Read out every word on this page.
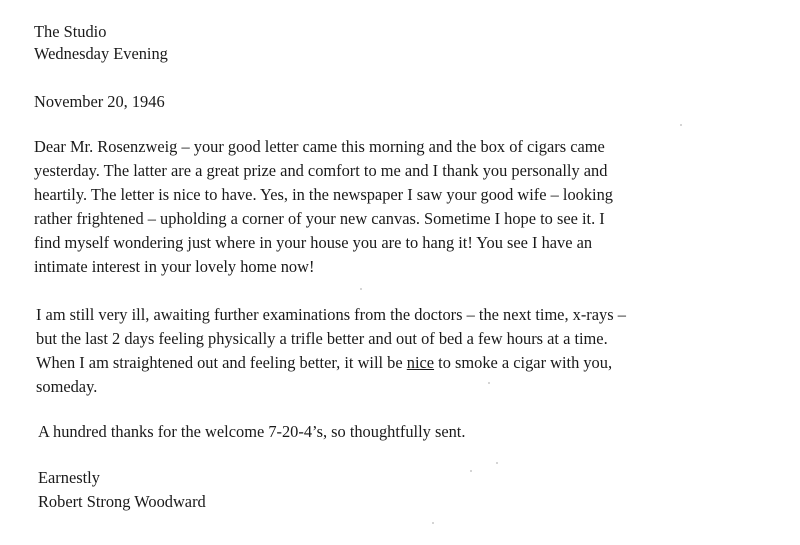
The Studio
Wednesday Evening
November 20, 1946
Dear Mr. Rosenzweig – your good letter came this morning and the box of cigars came
yesterday. The latter are a great prize and comfort to me and I thank you personally and
heartily. The letter is nice to have. Yes, in the newspaper I saw your good wife – looking
rather frightened – upholding a corner of your new canvas. Sometime I hope to see it. I
find myself wondering just where in your house you are to hang it! You see I have an
intimate interest in your lovely home now!
I am still very ill, awaiting further examinations from the doctors – the next time, x-rays –
but the last 2 days feeling physically a trifle better and out of bed a few hours at a time.
When I am straightened out and feeling better, it will be nice to smoke a cigar with you,
someday.
A hundred thanks for the welcome 7-20-4’s, so thoughtfully sent.
Earnestly
Robert Strong Woodward
